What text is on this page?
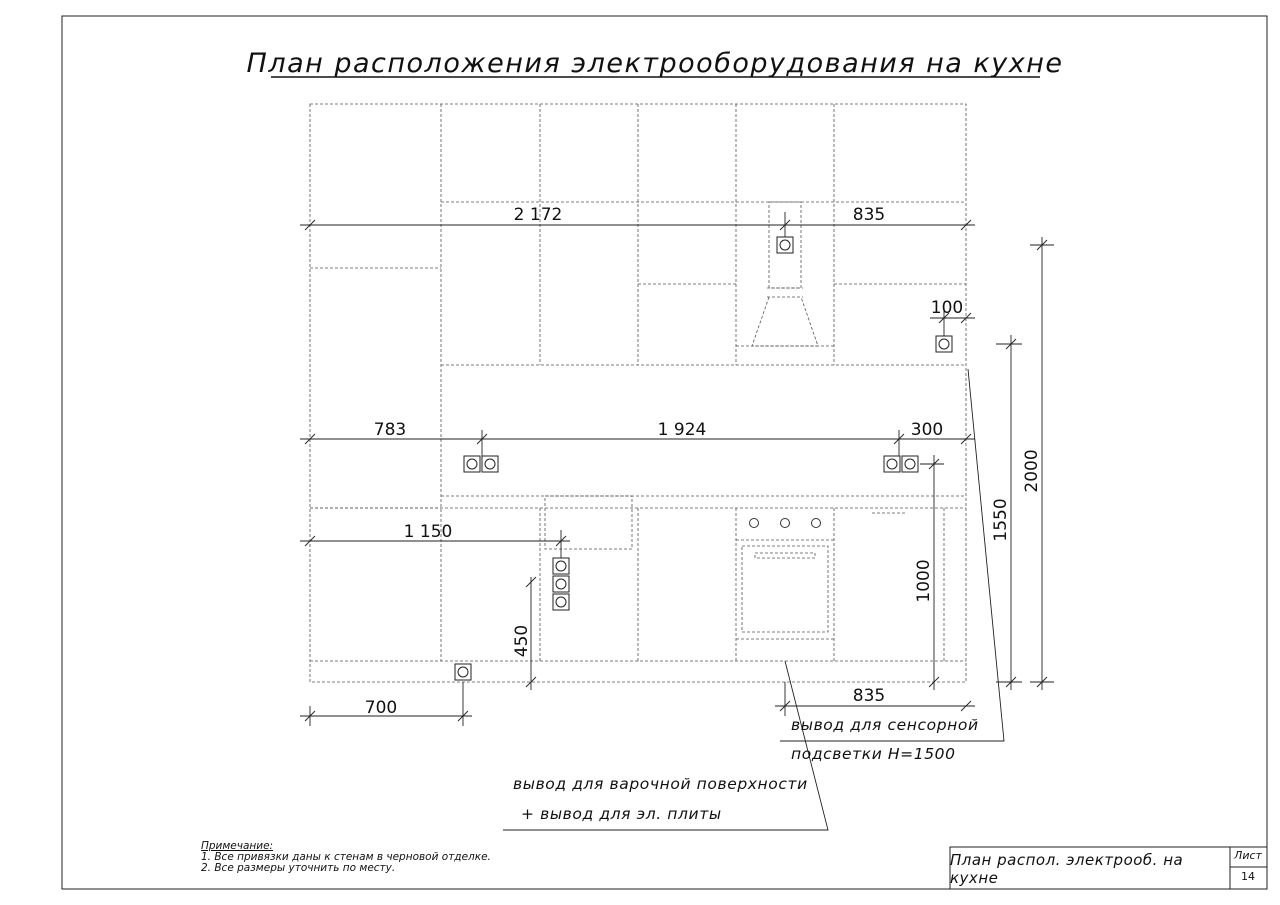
План расположения электрооборудования на кухне
2 172	835
100
783	1 924	300
1 150
700
835
450
1000
1550
2000
вывод для сенсорной
подсветки H=1500
вывод для варочной поверхности
+ вывод для эл. плиты
Примечание:
1. Все привязки даны к стенам в черновой отделке.
2. Все размеры уточнить по месту.	План распол. электрооб. на кухне
Лист
14
